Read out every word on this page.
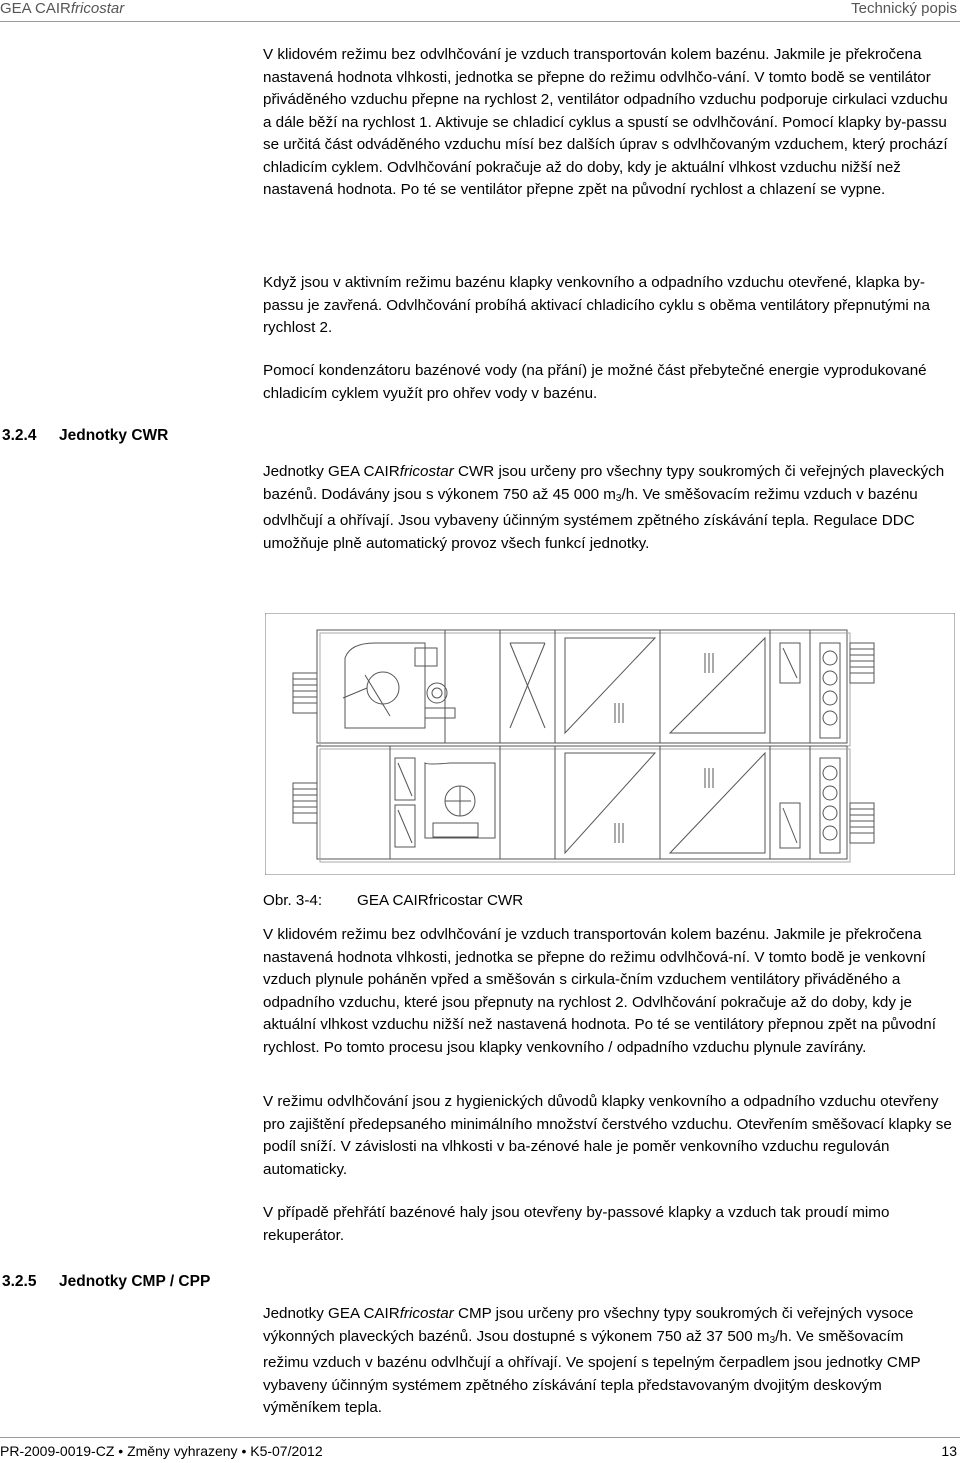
GEA CAIRfricostar	Technický popis

V klidovém režimu bez odvlhčování je vzduch transportován kolem bazénu. Jakmile je překročena nastavená hodnota vlhkosti, jednotka se přepne do režimu odvlhčo-vání. V tomto bodě se ventilátor přiváděného vzduchu přepne na rychlost 2, ventilátor odpadního vzduchu podporuje cirkulaci vzduchu a dále běží na rychlost 1. Aktivuje se chladicí cyklus a spustí se odvlhčování. Pomocí klapky by-passu se určitá část odváděného vzduchu mísí bez dalších úprav s odvlhčovaným vzduchem, který prochází chladicím cyklem. Odvlhčování pokračuje až do doby, kdy je aktuální vlhkost vzduchu nižší než nastavená hodnota. Po té se ventilátor přepne zpět na původní rychlost a chlazení se vypne.

Když jsou v aktivním režimu bazénu klapky venkovního a odpadního vzduchu otevřené, klapka by-passu je zavřená. Odvlhčování probíhá aktivací chladicího cyklu s oběma ventilátory přepnutými na rychlost 2.

Pomocí kondenzátoru bazénové vody (na přání) je možné část přebytečné energie vyprodukované chladicím cyklem využít pro ohřev vody v bazénu.

3.2.4 Jednotky CWR

Jednotky GEA CAIRfricostar CWR jsou určeny pro všechny typy soukromých či veřejných plaveckých bazénů. Dodávány jsou s výkonem 750 až 45 000 $m_3/h$. Ve směšovacím režimu vzduch v bazénu odvlhčují a ohřívají. Jsou vybaveny účinným systémem zpětného získávání tepla. Regulace DDC umožňuje plně automatický provoz všech funkcí jednotky.

Obr. 3-4: GEA CAIRfricostar CWR

V klidovém režimu bez odvlhčování je vzduch transportován kolem bazénu. Jakmile je překročena nastavená hodnota vlhkosti, jednotka se přepne do režimu odvlhčová-ní. V tomto bodě je venkovní vzduch plynule poháněn vpřed a směšován s cirkula-čním vzduchem ventilátory přiváděného a odpadního vzduchu, které jsou přepnuty na rychlost 2. Odvlhčování pokračuje až do doby, kdy je aktuální vlhkost vzduchu nižší než nastavená hodnota. Po té se ventilátory přepnou zpět na původní rychlost. Po tomto procesu jsou klapky venkovního / odpadního vzduchu plynule zavírány.

V režimu odvlhčování jsou z hygienických důvodů klapky venkovního a odpadního vzduchu otevřeny pro zajištění předepsaného minimálního množství čerstvého vzduchu. Otevřením směšovací klapky se podíl sníží. V závislosti na vlhkosti v ba-zénové hale je poměr venkovního vzduchu regulován automaticky.

V případě přehřátí bazénové haly jsou otevřeny by-passové klapky a vzduch tak proudí mimo rekuperátor.

3.2.5 Jednotky CMP / CPP

Jednotky GEA CAIRfricostar CMP jsou určeny pro všechny typy soukromých či veřejných vysoce výkonných plaveckých bazénů. Jsou dostupné s výkonem 750 až 37 500 $m_3/h$. Ve směšovacím režimu vzduch v bazénu odvlhčují a ohřívají. Ve spojení s tepelným čerpadlem jsou jednotky CMP vybaveny účinným systémem zpětného získávání tepla představovaným dvojitým deskovým výměníkem tepla.

PR-2009-0019-CZ • Změny vyhrazeny • K5-07/2012	13
